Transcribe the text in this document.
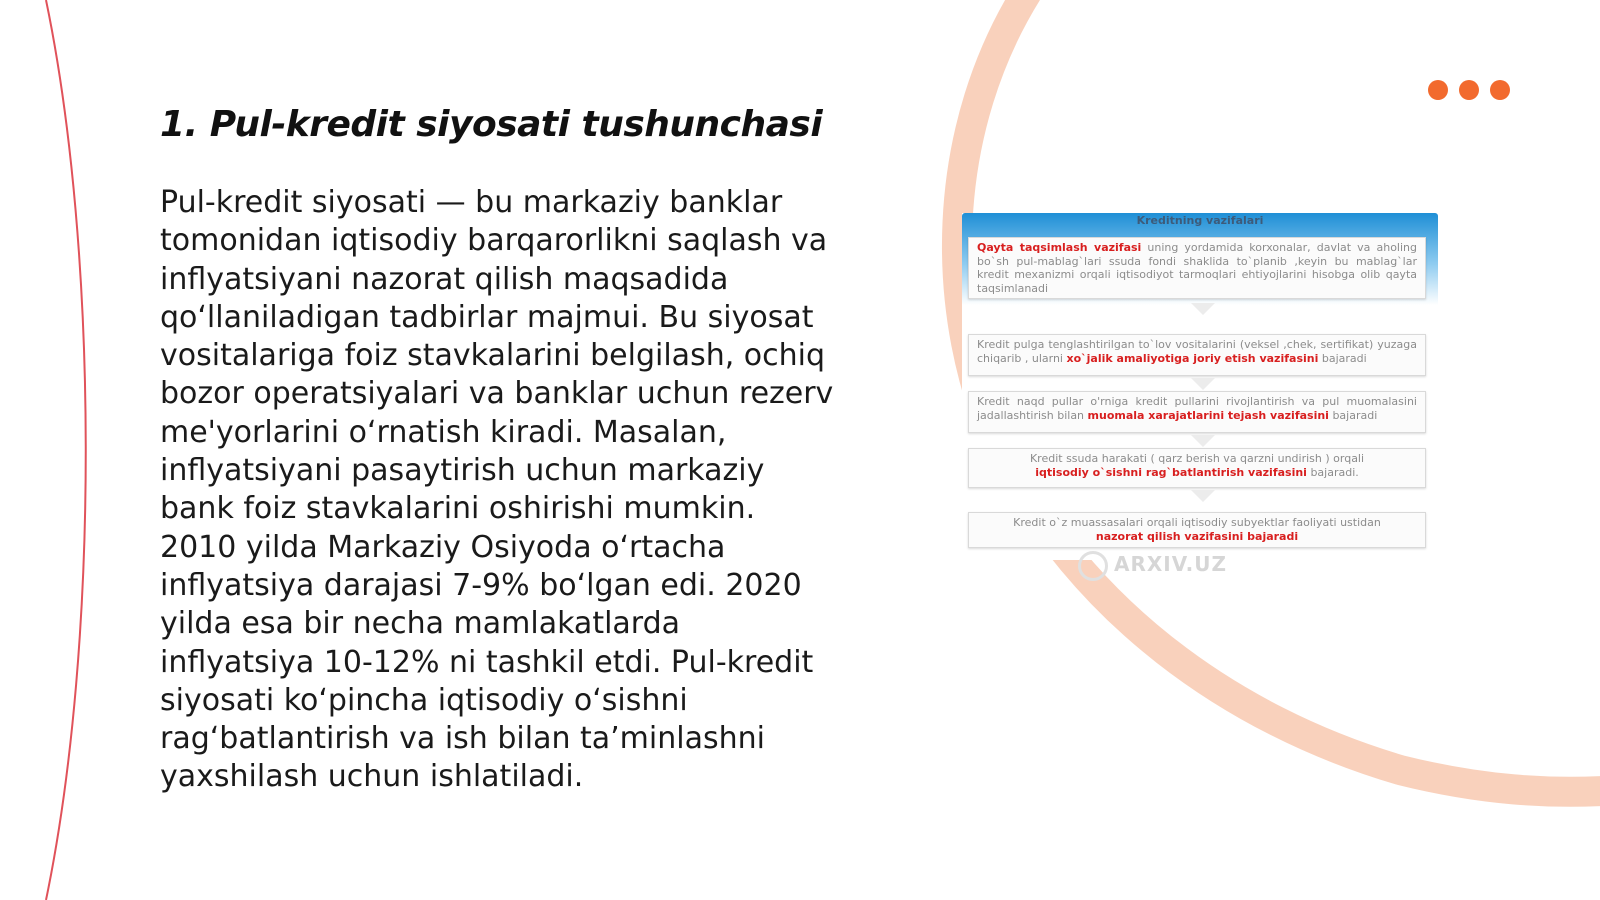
1. Pul-kredit siyosati tushunchasi

Pul-kredit siyosati — bu markaziy banklar tomonidan iqtisodiy barqarorlikni saqlash va inflyatsiyani nazorat qilish maqsadida qo‘llaniladigan tadbirlar majmui. Bu siyosat vositalariga foiz stavkalarini belgilash, ochiq bozor operatsiyalari va banklar uchun rezerv me'yorlarini o‘rnatish kiradi. Masalan, inflyatsiyani pasaytirish uchun markaziy bank foiz stavkalarini oshirishi mumkin. 2010 yilda Markaziy Osiyoda o‘rtacha inflyatsiya darajasi 7-9% bo‘lgan edi. 2020 yilda esa bir necha mamlakatlarda inflyatsiya 10-12% ni tashkil etdi. Pul-kredit siyosati ko‘pincha iqtisodiy o‘sishni rag‘batlantirish va ish bilan ta’minlashni yaxshilash uchun ishlatiladi.

Kreditning vazifalari
Qayta taqsimlash vazifasi uning yordamida korxonalar, davlat va aholing bo`sh pul-mablag`lari ssuda fondi shaklida to`planib ,keyin bu mablag`lar kredit mexanizmi orqali iqtisodiyot tarmoqlari ehtiyojlarini hisobga olib qayta taqsimlanadi
Kredit pulga tenglashtirilgan to`lov vositalarini (veksel ,chek, sertifikat) yuzaga chiqarib , ularni xo`jalik amaliyotiga joriy etish vazifasini bajaradi
Kredit naqd pullar o'rniga kredit pullarini rivojlantirish va pul muomalasini jadallashtirish bilan muomala xarajatlarini tejash vazifasini bajaradi
Kredit ssuda harakati ( qarz berish va qarzni undirish ) orqali
iqtisodiy o`sishni rag`batlantirish vazifasini bajaradi.
Kredit o`z muassasalari orqali iqtisodiy subyektlar faoliyati ustidan
nazorat qilish vazifasini bajaradi
ARXIV.UZ
